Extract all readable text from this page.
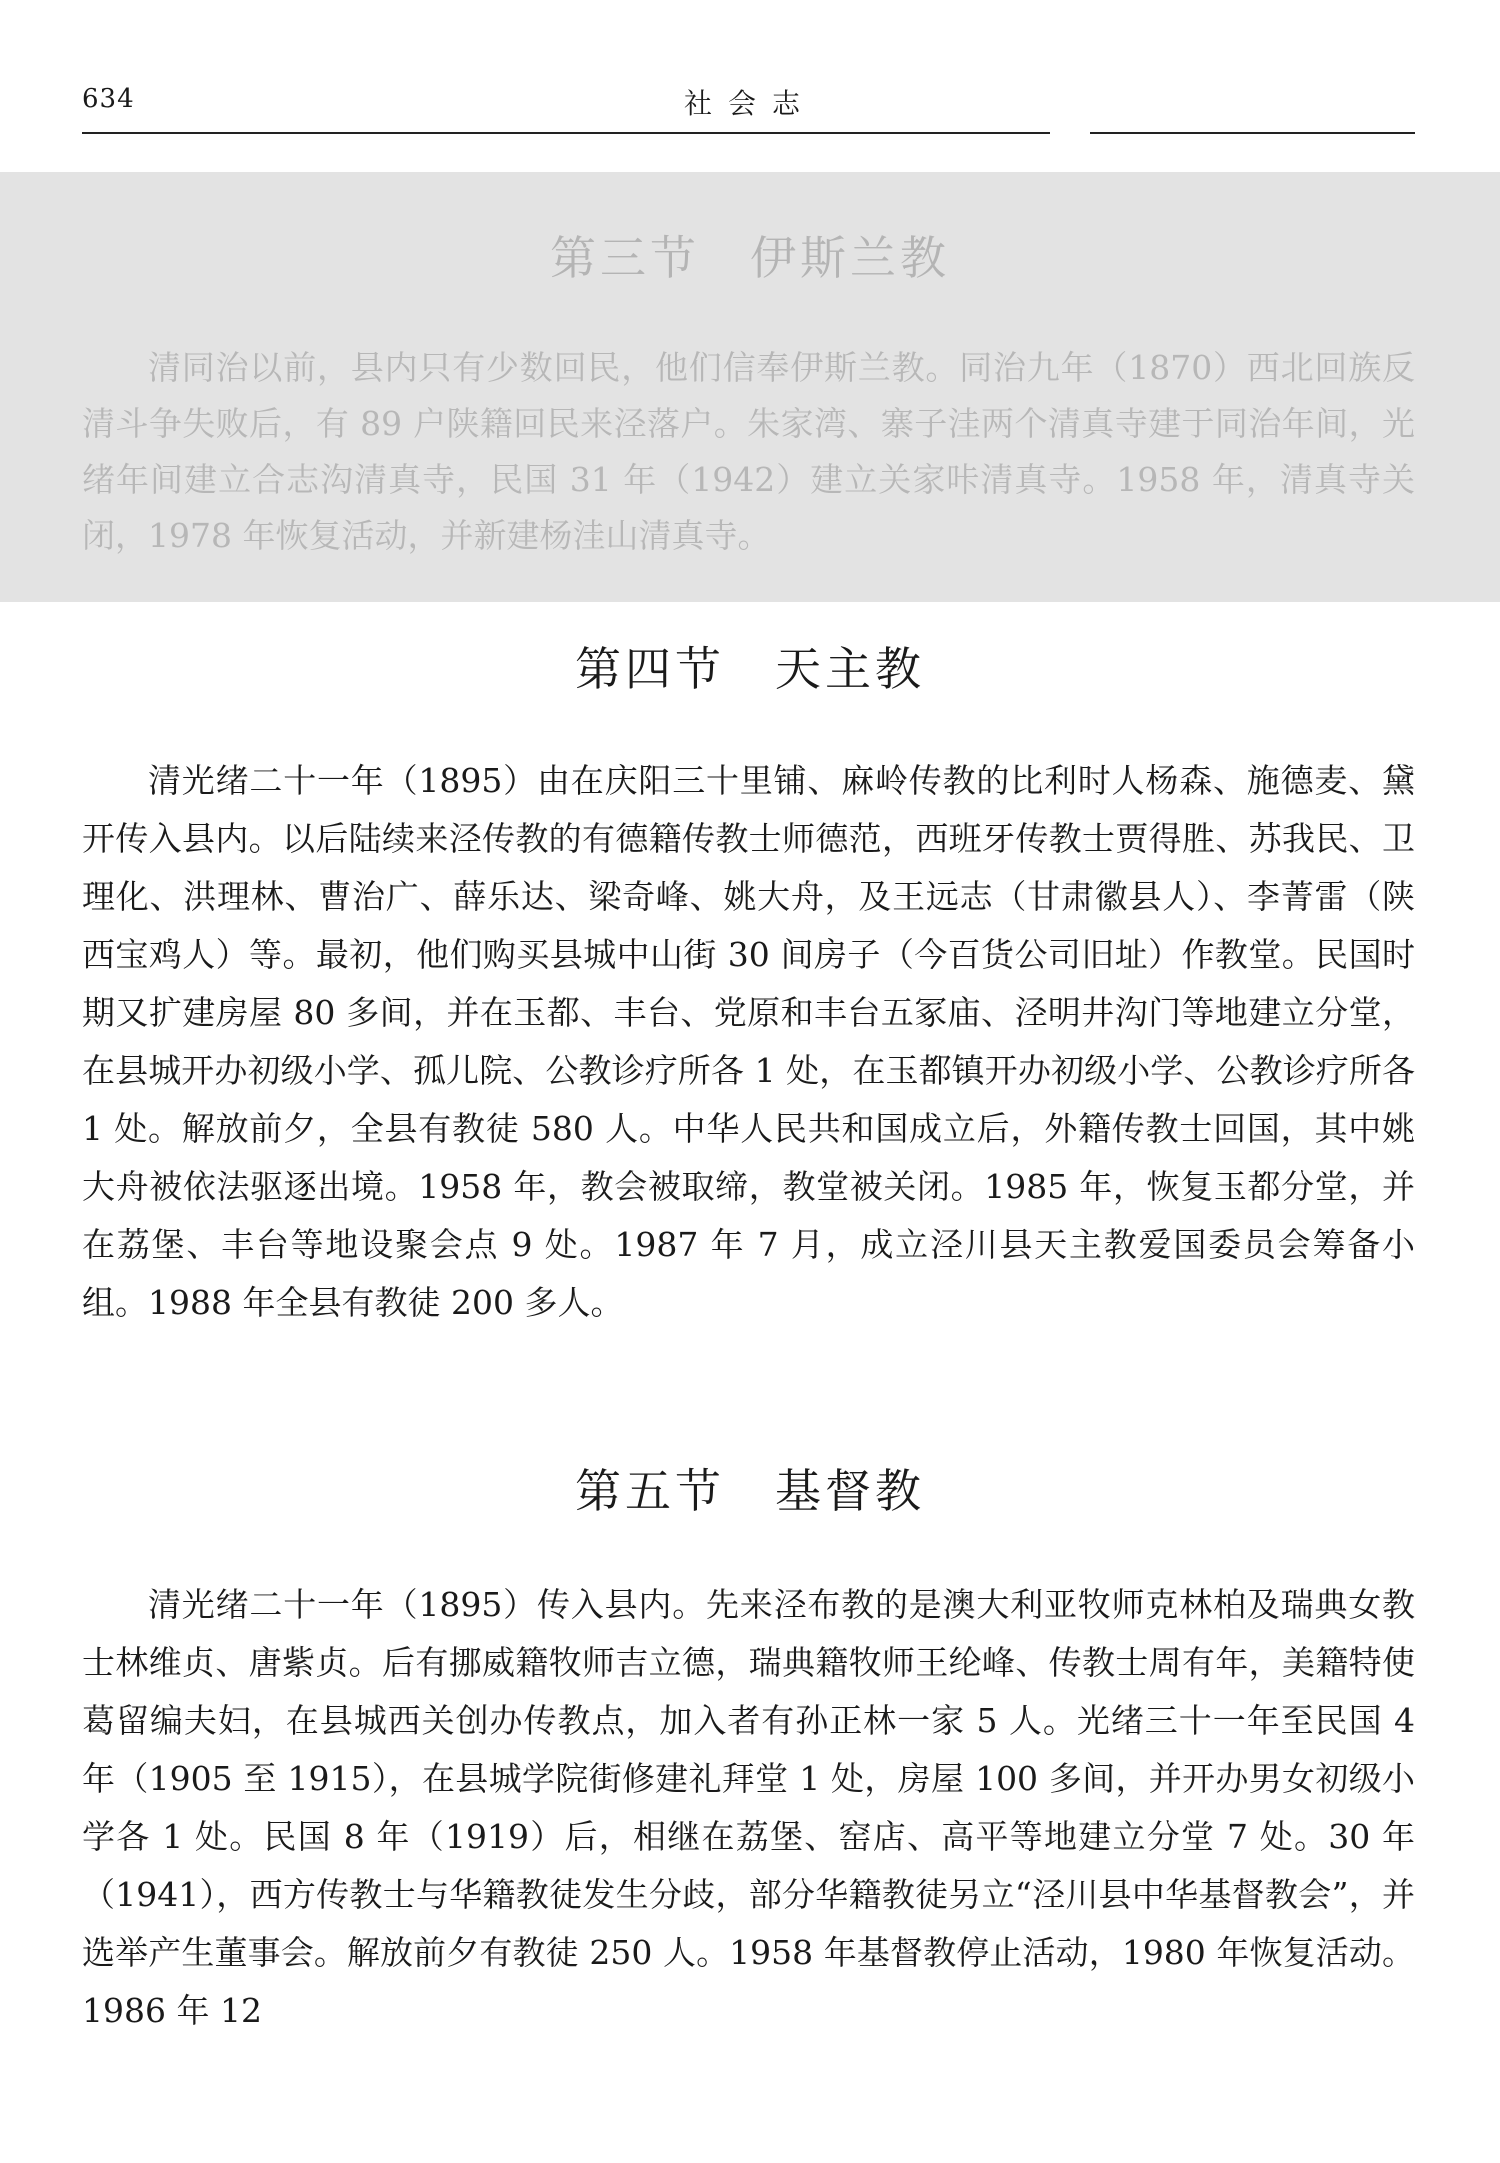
634	社会志
第三节　伊斯兰教
清同治以前，县内只有少数回民，他们信奉伊斯兰教。同治九年（1870）西北回族反清斗争失败后，有 89 户陕籍回民来泾落户。朱家湾、寨子洼两个清真寺建于同治年间，光绪年间建立合志沟清真寺，民国 31 年（1942）建立关家咔清真寺。1958 年，清真寺关闭，1978 年恢复活动，并新建杨洼山清真寺。
第四节　天主教
清光绪二十一年（1895）由在庆阳三十里铺、麻岭传教的比利时人杨森、施德麦、黛开传入县内。以后陆续来泾传教的有德籍传教士师德范，西班牙传教士贾得胜、苏我民、卫理化、洪理林、曹治广、薛乐达、梁奇峰、姚大舟，及王远志（甘肃徽县人）、李菁雷（陕西宝鸡人）等。最初，他们购买县城中山街 30 间房子（今百货公司旧址）作教堂。民国时期又扩建房屋 80 多间，并在玉都、丰台、党原和丰台五冢庙、泾明井沟门等地建立分堂，在县城开办初级小学、孤儿院、公教诊疗所各 1 处，在玉都镇开办初级小学、公教诊疗所各 1 处。解放前夕，全县有教徒 580 人。中华人民共和国成立后，外籍传教士回国，其中姚大舟被依法驱逐出境。1958 年，教会被取缔，教堂被关闭。1985 年，恢复玉都分堂，并在荔堡、丰台等地设聚会点 9 处。1987 年 7 月，成立泾川县天主教爱国委员会筹备小组。1988 年全县有教徒 200 多人。
第五节　基督教
清光绪二十一年（1895）传入县内。先来泾布教的是澳大利亚牧师克林柏及瑞典女教士林维贞、唐紫贞。后有挪威籍牧师吉立德，瑞典籍牧师王纶峰、传教士周有年，美籍特使葛留编夫妇，在县城西关创办传教点，加入者有孙正林一家 5 人。光绪三十一年至民国 4 年（1905 至 1915），在县城学院街修建礼拜堂 1 处，房屋 100 多间，并开办男女初级小学各 1 处。民国 8 年（1919）后，相继在荔堡、窑店、高平等地建立分堂 7 处。30 年（1941），西方传教士与华籍教徒发生分歧，部分华籍教徒另立“泾川县中华基督教会”，并选举产生董事会。解放前夕有教徒 250 人。1958 年基督教停止活动，1980 年恢复活动。1986 年 12
